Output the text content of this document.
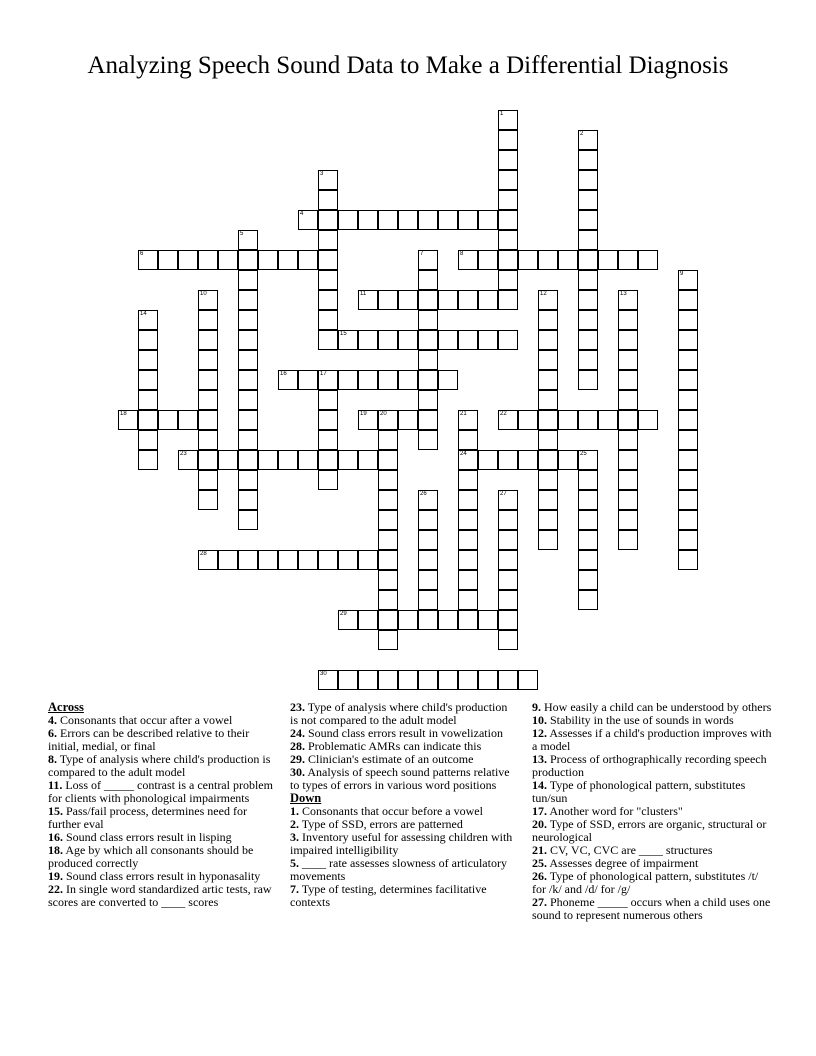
Analyzing Speech Sound Data to Make a Differential Diagnosis
4
6	8
11
15
16	17
18	19 20	22
23	24	25
28
29
30
1
2
3
5
7
9
10	12	13
14
21
26	27
Across
4. Consonants that occur after a vowel
6. Errors can be described relative to their initial, medial, or final
8. Type of analysis where child's production is compared to the adult model
11. Loss of _____ contrast is a central problem for clients with phonological impairments
15. Pass/fail process, determines need for further eval
16. Sound class errors result in lisping
18. Age by which all consonants should be produced correctly
19. Sound class errors result in hyponasality
22. In single word standardized artic tests, raw scores are converted to ____ scores
23. Type of analysis where child's production is not compared to the adult model
24. Sound class errors result in vowelization
28. Problematic AMRs can indicate this
29. Clinician's estimate of an outcome
30. Analysis of speech sound patterns relative to types of errors in various word positions
Down
1. Consonants that occur before a vowel
2. Type of SSD, errors are patterned
3. Inventory useful for assessing children with impaired intelligibility
5. ____ rate assesses slowness of articulatory movements
7. Type of testing, determines facilitative contexts
9. How easily a child can be understood by others
10. Stability in the use of sounds in words
12. Assesses if a child's production improves with a model
13. Process of orthographically recording speech production
14. Type of phonological pattern, substitutes tun/sun
17. Another word for "clusters"
20. Type of SSD, errors are organic, structural or neurological
21. CV, VC, CVC are ____ structures
25. Assesses degree of impairment
26. Type of phonological pattern, substitutes /t/ for /k/ and /d/ for /g/
27. Phoneme _____ occurs when a child uses one sound to represent numerous others
